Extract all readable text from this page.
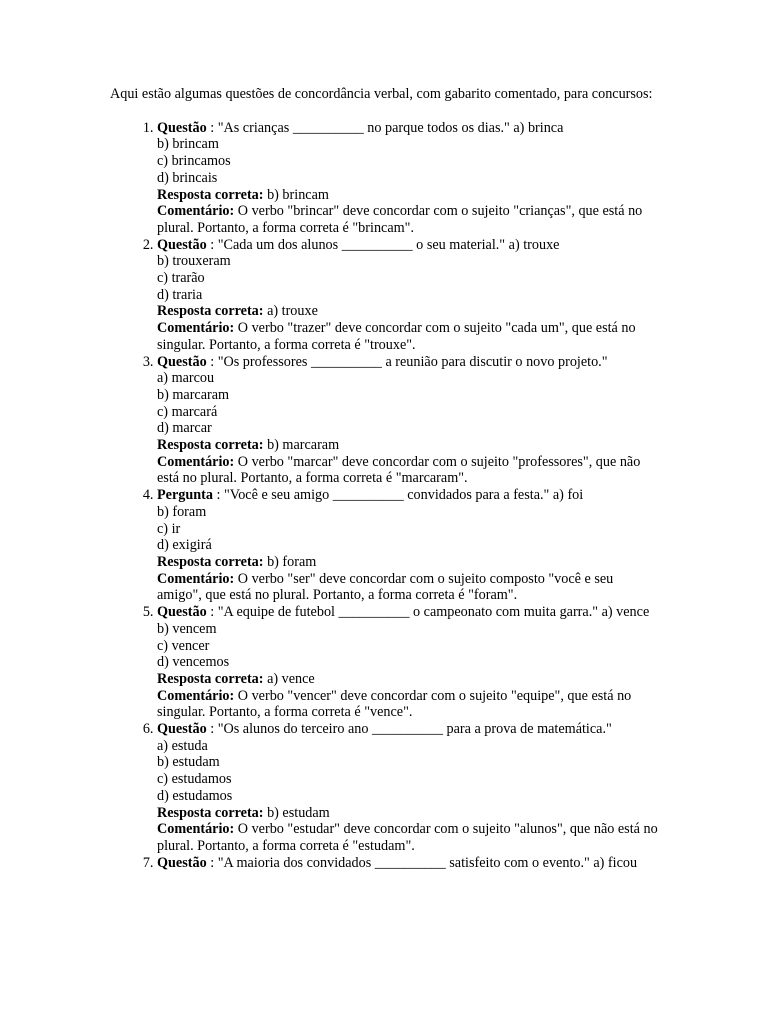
Aqui estão algumas questões de concordância verbal, com gabarito comentado, para concursos:

1. Questão : "As crianças __________ no parque todos os dias." a) brinca
b) brincam
c) brincamos
d) brincais
Resposta correta: b) brincam
Comentário: O verbo "brincar" deve concordar com o sujeito "crianças", que está no plural. Portanto, a forma correta é "brincam".
2. Questão : "Cada um dos alunos __________ o seu material." a) trouxe
b) trouxeram
c) trarão
d) traria
Resposta correta: a) trouxe
Comentário: O verbo "trazer" deve concordar com o sujeito "cada um", que está no singular. Portanto, a forma correta é "trouxe".
3. Questão : "Os professores __________ a reunião para discutir o novo projeto."
a) marcou
b) marcaram
c) marcará
d) marcar
Resposta correta: b) marcaram
Comentário: O verbo "marcar" deve concordar com o sujeito "professores", que não está no plural. Portanto, a forma correta é "marcaram".
4. Pergunta : "Você e seu amigo __________ convidados para a festa." a) foi
b) foram
c) ir
d) exigirá
Resposta correta: b) foram
Comentário: O verbo "ser" deve concordar com o sujeito composto "você e seu amigo", que está no plural. Portanto, a forma correta é "foram".
5. Questão : "A equipe de futebol __________ o campeonato com muita garra." a) vence
b) vencem
c) vencer
d) vencemos
Resposta correta: a) vence
Comentário: O verbo "vencer" deve concordar com o sujeito "equipe", que está no singular. Portanto, a forma correta é "vence".
6. Questão : "Os alunos do terceiro ano __________ para a prova de matemática."
a) estuda
b) estudam
c) estudamos
d) estudamos
Resposta correta: b) estudam
Comentário: O verbo "estudar" deve concordar com o sujeito "alunos", que não está no plural. Portanto, a forma correta é "estudam".
7. Questão : "A maioria dos convidados __________ satisfeito com o evento." a) ficou
